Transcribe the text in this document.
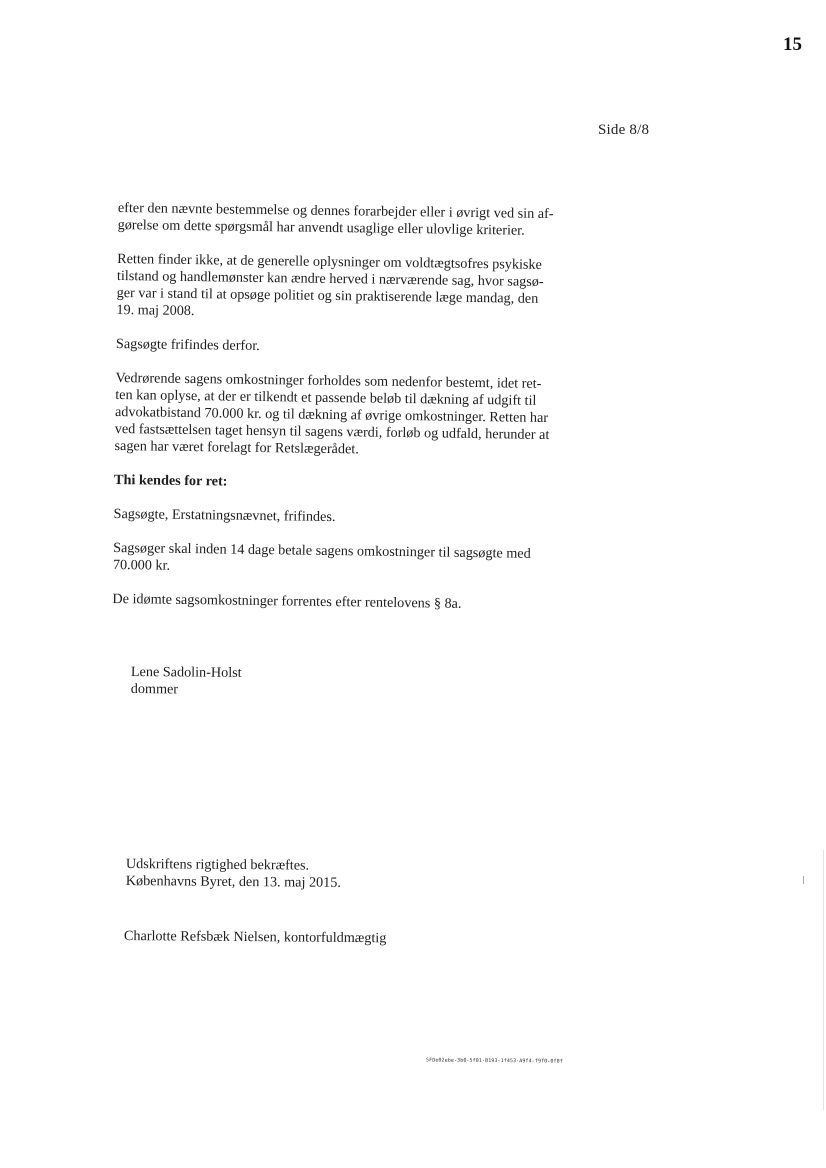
15
Side 8/8

efter den nævnte bestemmelse og dennes forarbejder eller i øvrigt ved sin af-
gørelse om dette spørgsmål har anvendt usaglige eller ulovlige kriterier.

Retten finder ikke, at de generelle oplysninger om voldtægtsofres psykiske
tilstand og handlemønster kan ændre herved i nærværende sag, hvor sagsø-
ger var i stand til at opsøge politiet og sin praktiserende læge mandag, den
19. maj 2008.

Sagsøgte frifindes derfor.

Vedrørende sagens omkostninger forholdes som nedenfor bestemt, idet ret-
ten kan oplyse, at der er tilkendt et passende beløb til dækning af udgift til
advokatbistand 70.000 kr. og til dækning af øvrige omkostninger. Retten har
ved fastsættelsen taget hensyn til sagens værdi, forløb og udfald, herunder at
sagen har været forelagt for Retslægerådet.

Thi kendes for ret:

Sagsøgte, Erstatningsnævnet, frifindes.

Sagsøger skal inden 14 dage betale sagens omkostninger til sagsøgte med
70.000 kr.

De idømte sagsomkostninger forrentes efter rentelovens § 8a.

Lene Sadolin-Holst
dommer
Udskriftens rigtighed bekræftes.
Københavns Byret, den 13. maj 2015.
Charlotte Refsbæk Nielsen, kontorfuldmægtig
5FDe02ebe-3b0-5f01-B193-1f453-A9f4-f9f0-0f0f
